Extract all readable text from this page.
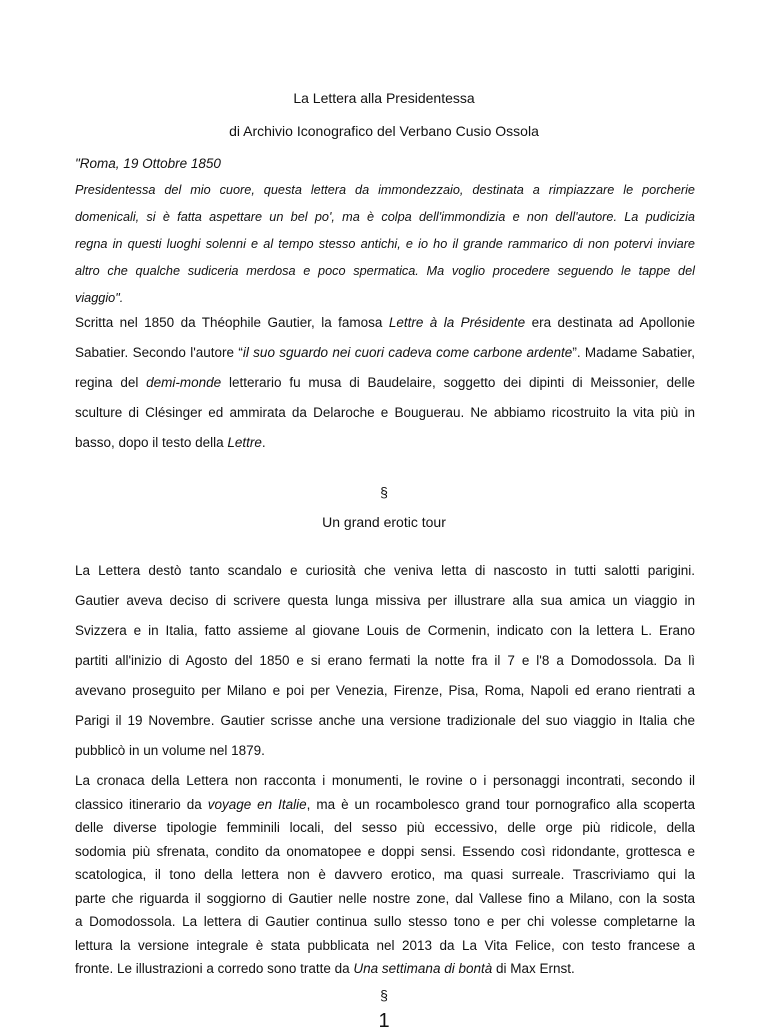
La Lettera alla Presidentessa
di Archivio Iconografico del Verbano Cusio Ossola
"Roma, 19 Ottobre 1850
Presidentessa del mio cuore, questa lettera da immondezzaio, destinata a rimpiazzare le porcherie
domenicali, si è fatta aspettare un bel po', ma è colpa dell'immondizia e non dell'autore. La pudicizia
regna in questi luoghi solenni e al tempo stesso antichi, e io ho il grande rammarico di non potervi inviare
altro che qualche sudiceria merdosa e poco spermatica. Ma voglio procedere seguendo le tappe del
viaggio".
Scritta nel 1850 da Théophile Gautier, la famosa Lettre à la Présidente era destinata ad Apollonie
Sabatier. Secondo l'autore “il suo sguardo nei cuori cadeva come carbone ardente”. Madame Sabatier,
regina del demi-monde letterario fu musa di Baudelaire, soggetto dei dipinti di Meissonier, delle
sculture di Clésinger ed ammirata da Delaroche e Bouguerau. Ne abbiamo ricostruito la vita più in
basso, dopo il testo della Lettre.
§
Un grand erotic tour
La Lettera destò tanto scandalo e curiosità che veniva letta di nascosto in tutti salotti parigini.
Gautier aveva deciso di scrivere questa lunga missiva per illustrare alla sua amica un viaggio in
Svizzera e in Italia, fatto assieme al giovane Louis de Cormenin, indicato con la lettera L. Erano
partiti all'inizio di Agosto del 1850 e si erano fermati la notte fra il 7 e l'8 a Domodossola. Da lì
avevano proseguito per Milano e poi per Venezia, Firenze, Pisa, Roma, Napoli ed erano rientrati a
Parigi il 19 Novembre. Gautier scrisse anche una versione tradizionale del suo viaggio in Italia che
pubblicò in un volume nel 1879.
La cronaca della Lettera non racconta i monumenti, le rovine o i personaggi incontrati, secondo il
classico itinerario da voyage en Italie, ma è un rocambolesco grand tour pornografico alla scoperta
delle diverse tipologie femminili locali, del sesso più eccessivo, delle orge più ridicole, della
sodomia più sfrenata, condito da onomatopee e doppi sensi. Essendo così ridondante, grottesca e
scatologica, il tono della lettera non è davvero erotico, ma quasi surreale. Trascriviamo qui la
parte che riguarda il soggiorno di Gautier nelle nostre zone, dal Vallese fino a Milano, con la sosta
a Domodossola. La lettera di Gautier continua sullo stesso tono e per chi volesse completarne la
lettura la versione integrale è stata pubblicata nel 2013 da La Vita Felice, con testo francese a
fronte. Le illustrazioni a corredo sono tratte da Una settimana di bontà di Max Ernst.
§
1
